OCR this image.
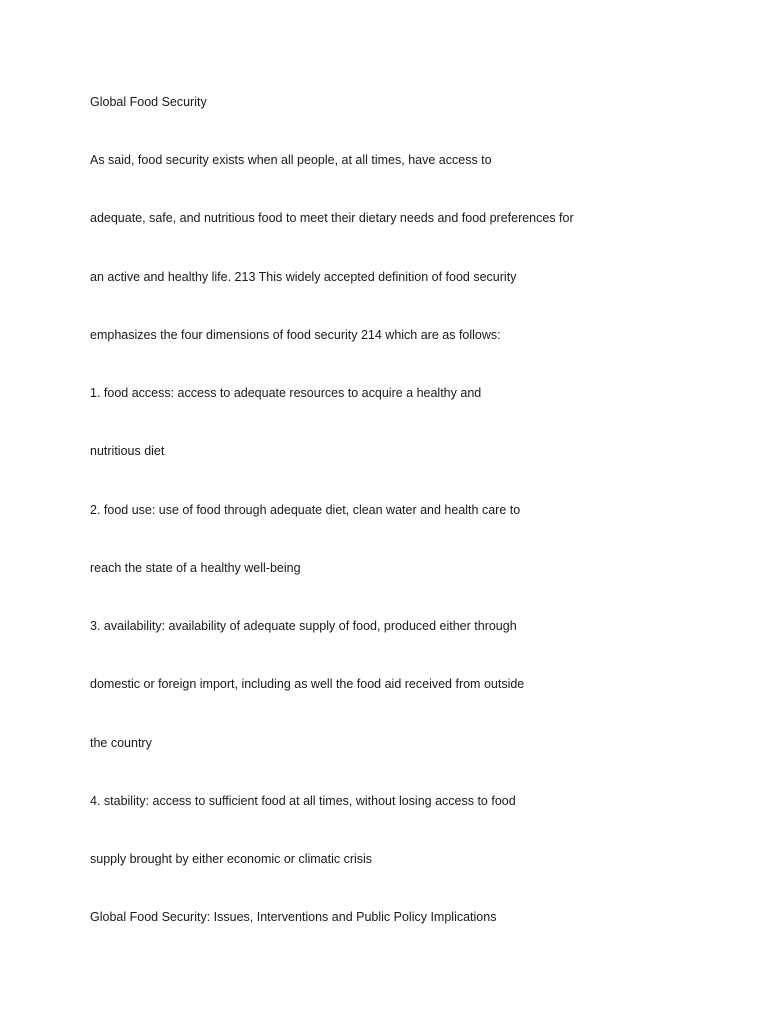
Global Food Security

As said, food security exists when all people, at all times, have access to

adequate, safe, and nutritious food to meet their dietary needs and food preferences for

an active and healthy life. 213 This widely accepted definition of food security

emphasizes the four dimensions of food security 214 which are as follows:

1. food access: access to adequate resources to acquire a healthy and

nutritious diet

2. food use: use of food through adequate diet, clean water and health care to

reach the state of a healthy well-being

3. availability: availability of adequate supply of food, produced either through

domestic or foreign import, including as well the food aid received from outside

the country

4. stability: access to sufficient food at all times, without losing access to food

supply brought by either economic or climatic crisis

Global Food Security: Issues, Interventions and Public Policy Implications
